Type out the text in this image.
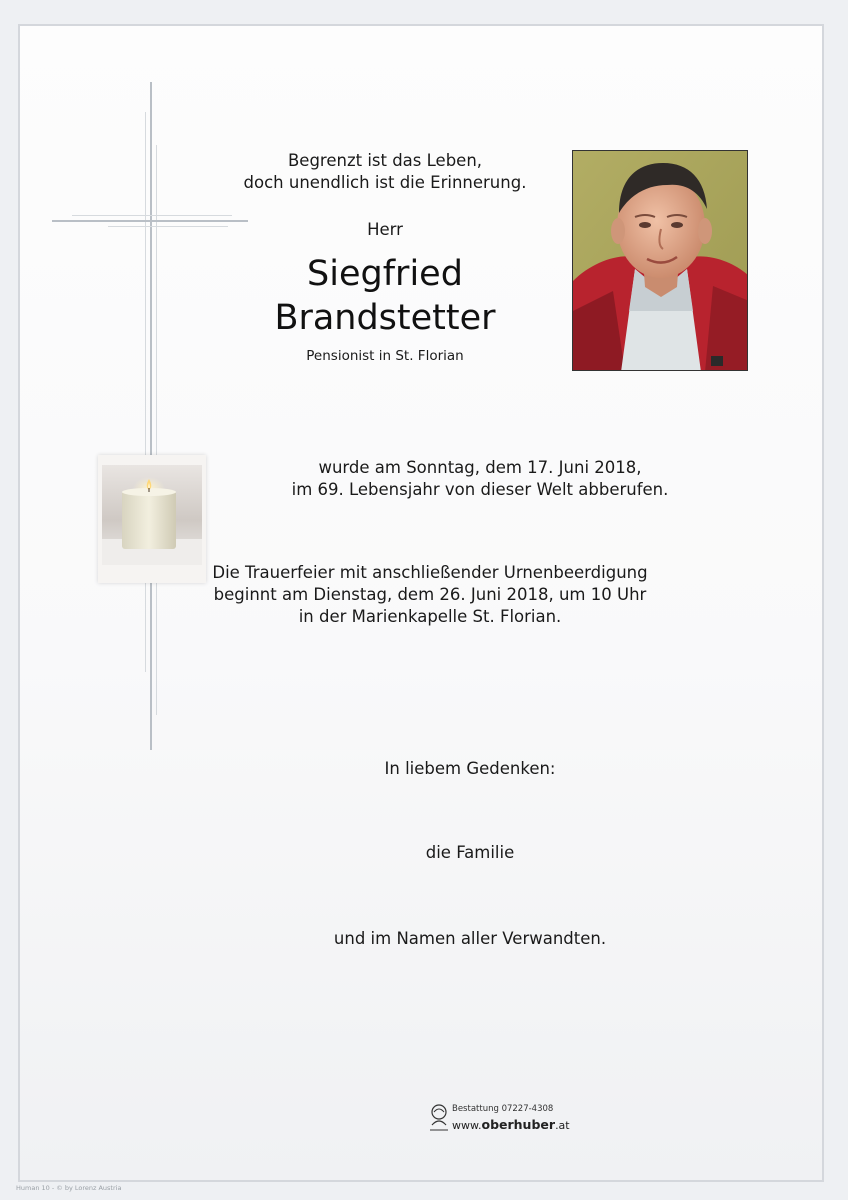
Begrenzt ist das Leben,
doch unendlich ist die Erinnerung.
Herr
Siegfried
Brandstetter
Pensionist in St. Florian
wurde am Sonntag, dem 17. Juni 2018,
im 69. Lebensjahr von dieser Welt abberufen.
Die Trauerfeier mit anschließender Urnenbeerdigung
beginnt am Dienstag, dem 26. Juni 2018, um 10 Uhr
in der Marienkapelle St. Florian.
In liebem Gedenken:
die Familie
und im Namen aller Verwandten.
Bestattung 07227-4308
www.oberhuber.at
Human 10 - © by Lorenz Austria
